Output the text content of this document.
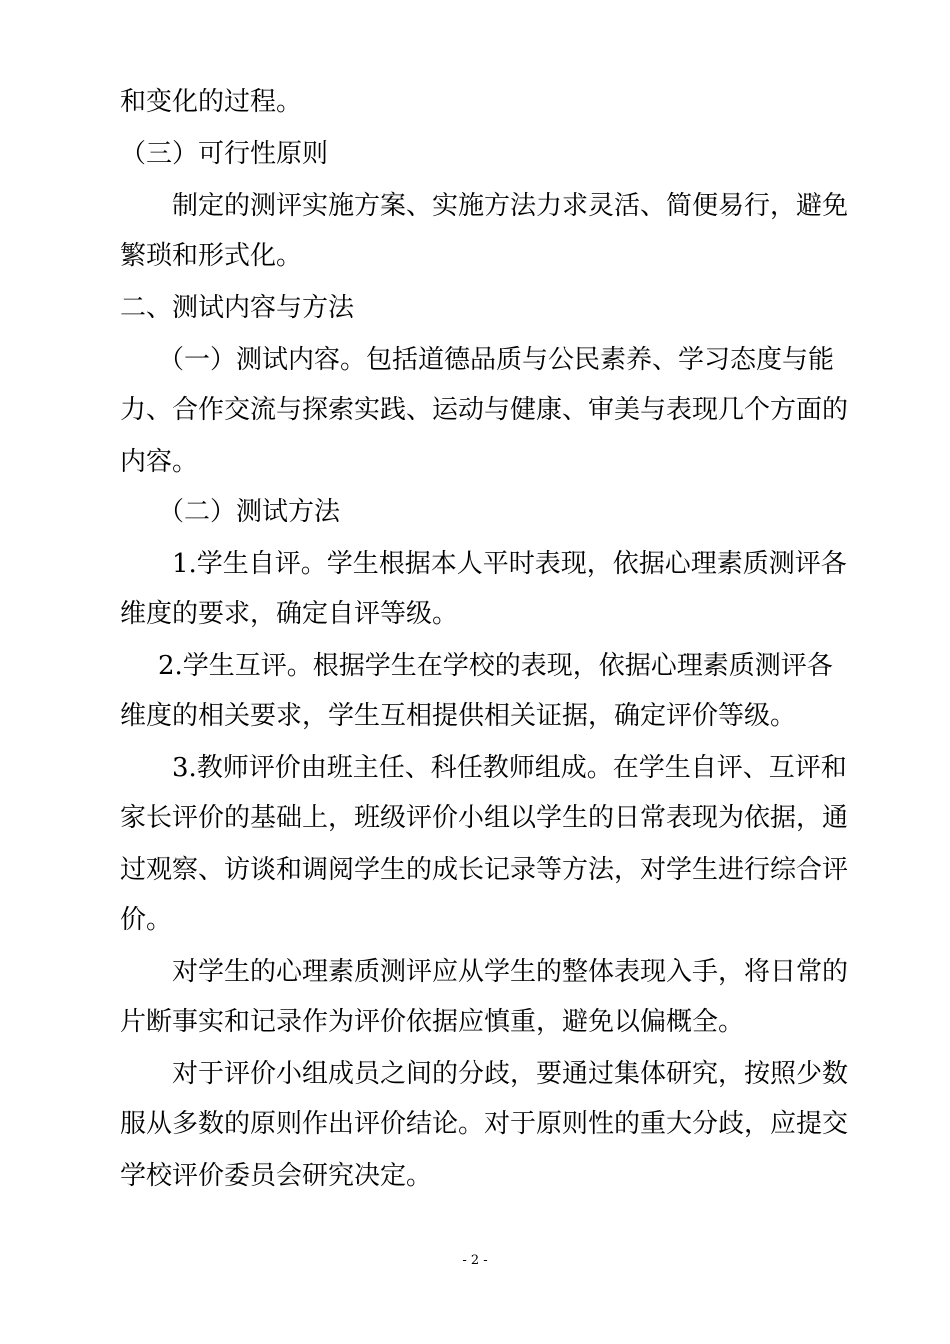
和变化的过程。

（三）可行性原则

制定的测评实施方案、实施方法力求灵活、简便易行，避免

繁琐和形式化。

二、测试内容与方法

（一）测试内容。包括道德品质与公民素养、学习态度与能

力、合作交流与探索实践、运动与健康、审美与表现几个方面的

内容。

（二）测试方法

1.学生自评。学生根据本人平时表现，依据心理素质测评各

维度的要求，确定自评等级。

2.学生互评。根据学生在学校的表现，依据心理素质测评各

维度的相关要求，学生互相提供相关证据，确定评价等级。

3.教师评价由班主任、科任教师组成。在学生自评、互评和

家长评价的基础上，班级评价小组以学生的日常表现为依据，通

过观察、访谈和调阅学生的成长记录等方法，对学生进行综合评

价。

对学生的心理素质测评应从学生的整体表现入手，将日常的

片断事实和记录作为评价依据应慎重，避免以偏概全。

对于评价小组成员之间的分歧，要通过集体研究，按照少数

服从多数的原则作出评价结论。对于原则性的重大分歧，应提交

学校评价委员会研究决定。

- 2 -
